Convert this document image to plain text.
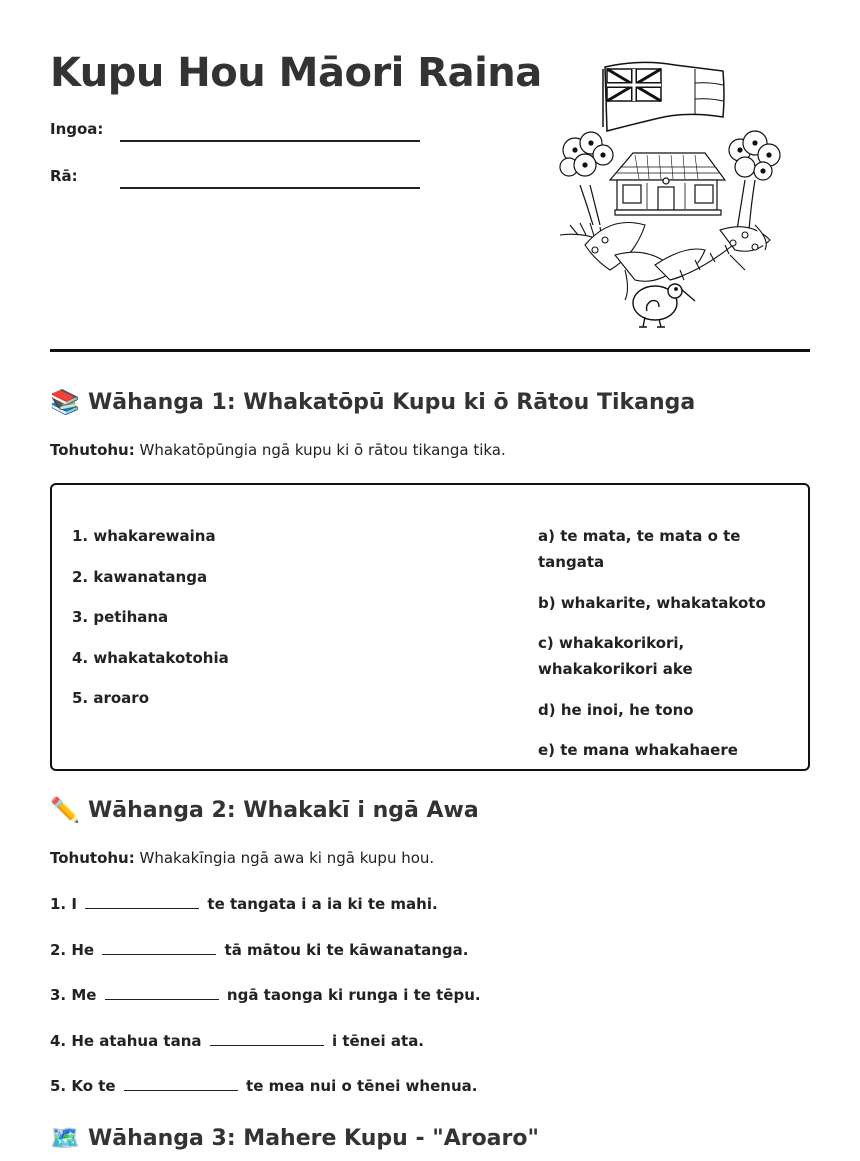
Kupu Hou Māori Raina
Ingoa:
Rā:
📚 Wāhanga 1: Whakatōpū Kupu ki ō Rātou Tikanga
Tohutohu: Whakatōpūngia ngā kupu ki ō rātou tikanga tika.
1. whakarewaina
2. kawanatanga
3. petihana
4. whakatakotohia
5. aroaro
a) te mata, te mata o te tangata
b) whakarite, whakatakoto
c) whakakorikori, whakakorikori ake
d) he inoi, he tono
e) te mana whakahaere
✏️ Wāhanga 2: Whakakī i ngā Awa
Tohutohu: Whakakīngia ngā awa ki ngā kupu hou.
1. I	te tangata i a ia ki te mahi.
2. He	tā mātou ki te kāwanatanga.
3. Me	ngā taonga ki runga i te tēpu.
4. He atahua tana	i tēnei ata.
5. Ko te	te mea nui o tēnei whenua.
🗺️ Wāhanga 3: Mahere Kupu - "Aroaro"
